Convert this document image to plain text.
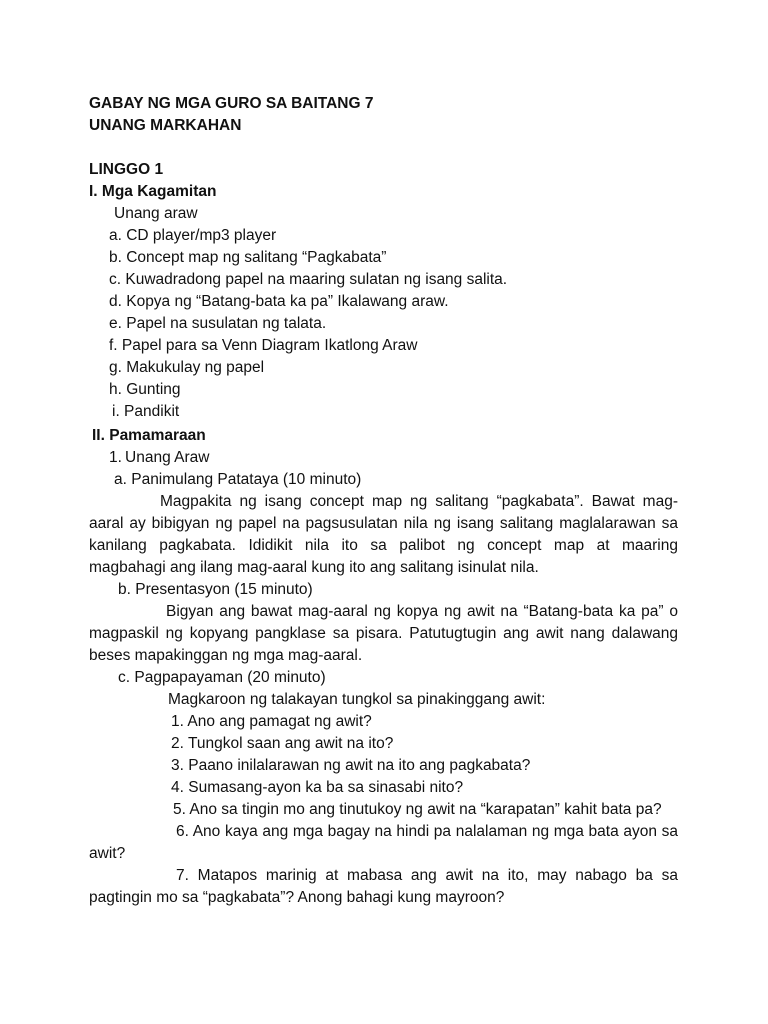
GABAY NG MGA GURO SA BAITANG 7
UNANG MARKAHAN
LINGGO 1
I. Mga Kagamitan
Unang araw
a. CD player/mp3 player
b. Concept map ng salitang “Pagkabata”
c. Kuwadradong papel na maaring sulatan ng isang salita.
d. Kopya ng “Batang-bata ka pa” Ikalawang araw.
e. Papel na susulatan ng talata.
f. Papel para sa Venn Diagram Ikatlong Araw
g. Makukulay ng papel
h. Gunting
i. Pandikit
II. Pamamaraan
1. Unang Araw
a. Panimulang Patataya (10 minuto)
Magpakita ng isang concept map ng salitang “pagkabata”. Bawat mag-
aaral ay bibigyan ng papel na pagsusulatan nila ng isang salitang maglalarawan sa
kanilang pagkabata. Ididikit nila ito sa palibot ng concept map at maaring
magbahagi ang ilang mag-aaral kung ito ang salitang isinulat nila.
b. Presentasyon (15 minuto)
Bigyan ang bawat mag-aaral ng kopya ng awit na “Batang-bata ka pa” o
magpaskil ng kopyang pangklase sa pisara. Patutugtugin ang awit nang dalawang
beses mapakinggan ng mga mag-aaral.
c. Pagpapayaman (20 minuto)
Magkaroon ng talakayan tungkol sa pinakinggang awit:
1. Ano ang pamagat ng awit?
2. Tungkol saan ang awit na ito?
3. Paano inilalarawan ng awit na ito ang pagkabata?
4. Sumasang-ayon ka ba sa sinasabi nito?
5. Ano sa tingin mo ang tinutukoy ng awit na “karapatan” kahit bata pa?
6. Ano kaya ang mga bagay na hindi pa nalalaman ng mga bata ayon sa
awit?
7. Matapos marinig at mabasa ang awit na ito, may nabago ba sa
pagtingin mo sa “pagkabata”? Anong bahagi kung mayroon?
